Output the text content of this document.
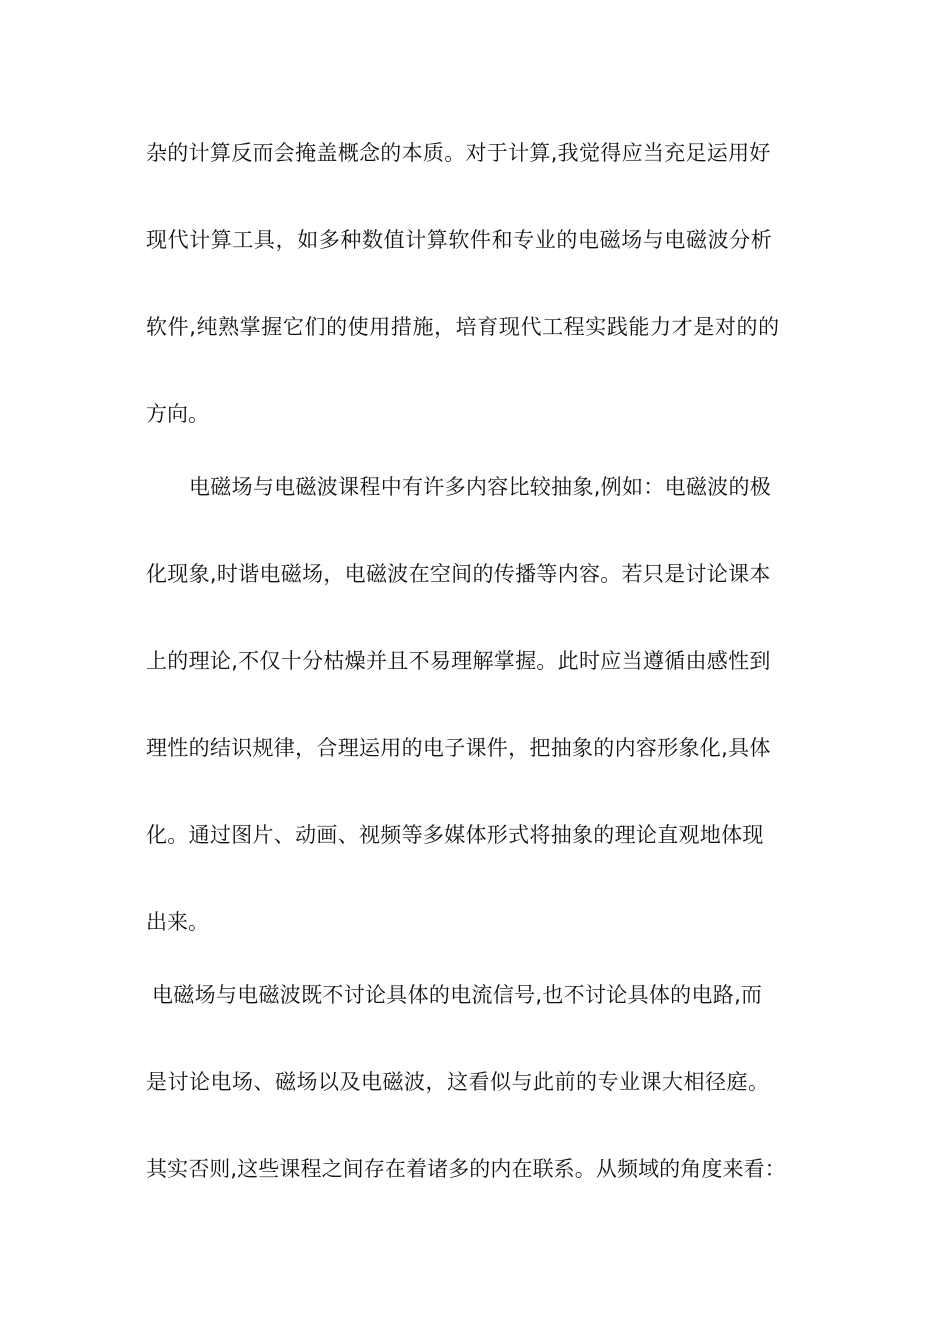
杂的计算反而会掩盖概念的本质。对于计算,我觉得应当充足运用好
现代计算工具，如多种数值计算软件和专业的电磁场与电磁波分析
软件,纯熟掌握它们的使用措施，培育现代工程实践能力才是对的的
方向。
电磁场与电磁波课程中有许多内容比较抽象,例如：电磁波的极
化现象,时谐电磁场，电磁波在空间的传播等内容。若只是讨论课本
上的理论,不仅十分枯燥并且不易理解掌握。此时应当遵循由感性到
理性的结识规律，合理运用的电子课件，把抽象的内容形象化,具体
化。通过图片、动画、视频等多媒体形式将抽象的理论直观地体现
出来。
电磁场与电磁波既不讨论具体的电流信号,也不讨论具体的电路,而
是讨论电场、磁场以及电磁波，这看似与此前的专业课大相径庭。
其实否则,这些课程之间存在着诸多的内在联系。从频域的角度来看：
